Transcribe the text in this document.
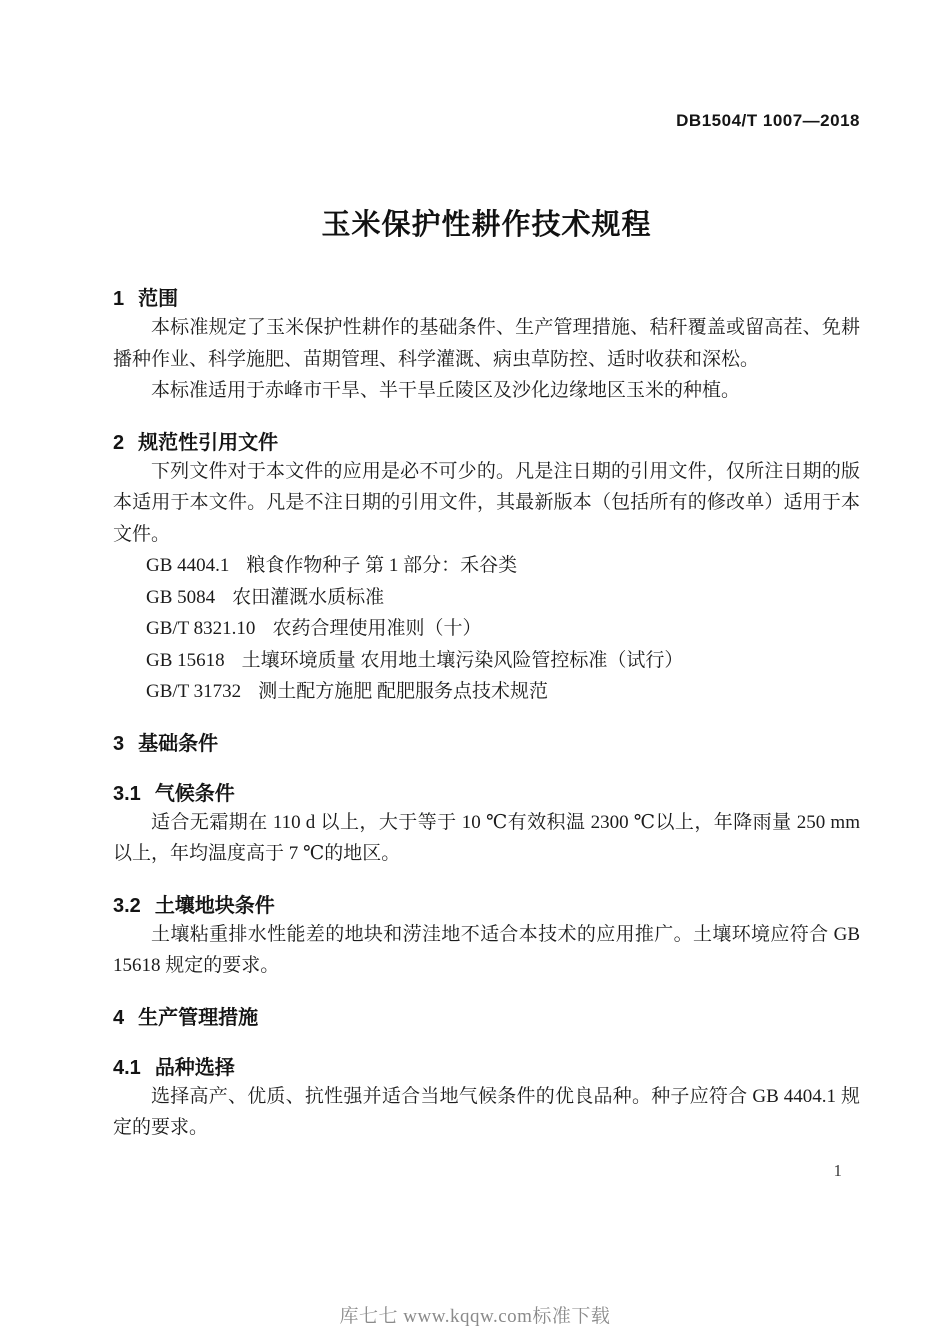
DB1504/T 1007—2018
玉米保护性耕作技术规程
1 范围

本标准规定了玉米保护性耕作的基础条件、生产管理措施、秸秆覆盖或留高茬、免耕播种作业、科学施肥、苗期管理、科学灌溉、病虫草防控、适时收获和深松。

本标准适用于赤峰市干旱、半干旱丘陵区及沙化边缘地区玉米的种植。

2 规范性引用文件

下列文件对于本文件的应用是必不可少的。凡是注日期的引用文件，仅所注日期的版本适用于本文件。凡是不注日期的引用文件，其最新版本（包括所有的修改单）适用于本文件。

GB 4404.1 粮食作物种子 第 1 部分：禾谷类
GB 5084 农田灌溉水质标准
GB/T 8321.10 农药合理使用准则（十）
GB 15618 土壤环境质量 农用地土壤污染风险管控标准（试行）
GB/T 31732 测土配方施肥 配肥服务点技术规范
3 基础条件
3.1 气候条件

适合无霜期在 110 d 以上，大于等于 10 ℃有效积温 2300 ℃以上，年降雨量 250 mm 以上，年均温度高于 7 ℃的地区。

3.2 土壤地块条件

土壤粘重排水性能差的地块和涝洼地不适合本技术的应用推广。土壤环境应符合 GB 15618 规定的要求。

4 生产管理措施
4.1 品种选择

选择高产、优质、抗性强并适合当地气候条件的优良品种。种子应符合 GB 4404.1 规定的要求。

1
库七七 www.kqqw.com标准下载
